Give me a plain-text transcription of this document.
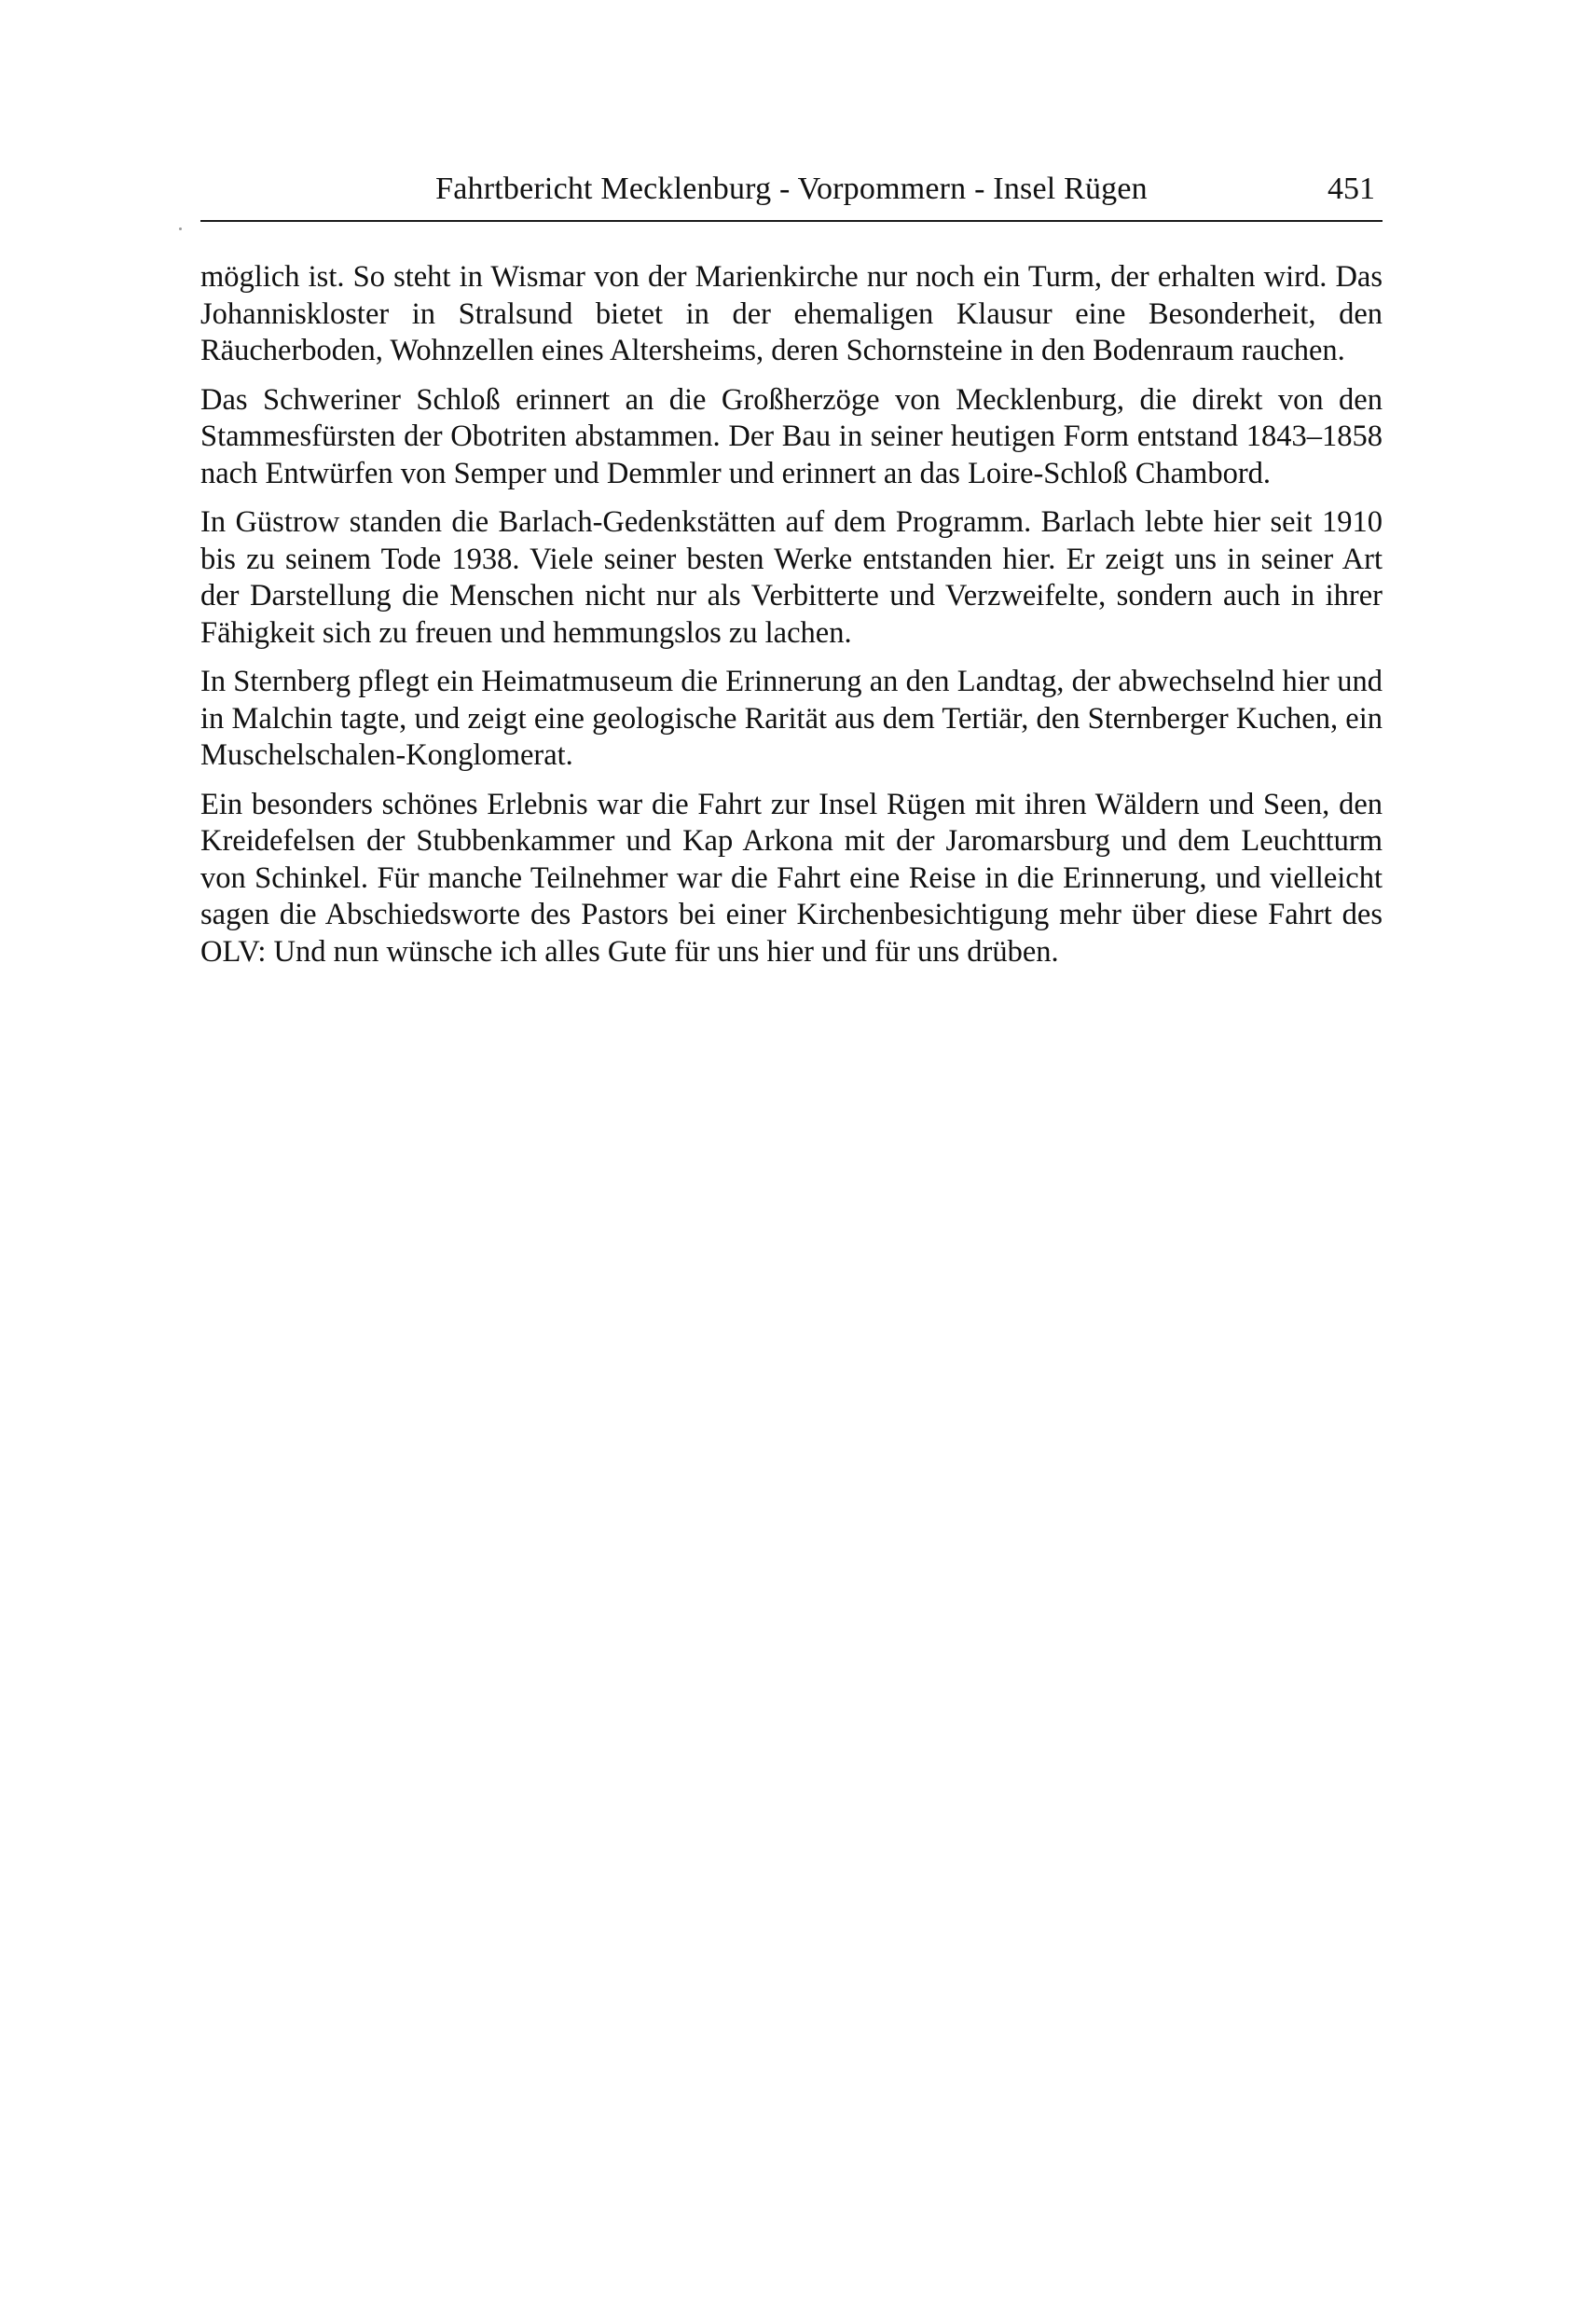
Fahrtbericht Mecklenburg - Vorpommern - Insel Rügen	451

möglich ist. So steht in Wismar von der Marienkirche nur noch ein Turm, der erhalten wird. Das Johanniskloster in Stralsund bietet in der ehemaligen Klausur eine Besonderheit, den Räucherboden, Wohnzellen eines Altersheims, deren Schornsteine in den Bodenraum rauchen.

Das Schweriner Schloß erinnert an die Großherzöge von Mecklenburg, die direkt von den Stammesfürsten der Obotriten abstammen. Der Bau in seiner heutigen Form entstand 1843–1858 nach Entwürfen von Semper und Demmler und erinnert an das Loire-Schloß Chambord.

In Güstrow standen die Barlach-Gedenkstätten auf dem Programm. Barlach lebte hier seit 1910 bis zu seinem Tode 1938. Viele seiner besten Werke entstanden hier. Er zeigt uns in seiner Art der Darstellung die Menschen nicht nur als Verbitterte und Verzweifelte, sondern auch in ihrer Fähigkeit sich zu freuen und hemmungslos zu lachen.

In Sternberg pflegt ein Heimatmuseum die Erinnerung an den Landtag, der abwechselnd hier und in Malchin tagte, und zeigt eine geologische Rarität aus dem Tertiär, den Sternberger Kuchen, ein Muschelschalen-Konglomerat.

Ein besonders schönes Erlebnis war die Fahrt zur Insel Rügen mit ihren Wäldern und Seen, den Kreidefelsen der Stubbenkammer und Kap Arkona mit der Jaromarsburg und dem Leuchtturm von Schinkel. Für manche Teilnehmer war die Fahrt eine Reise in die Erinnerung, und vielleicht sagen die Abschiedsworte des Pastors bei einer Kirchenbesichtigung mehr über diese Fahrt des OLV: Und nun wünsche ich alles Gute für uns hier und für uns drüben.
